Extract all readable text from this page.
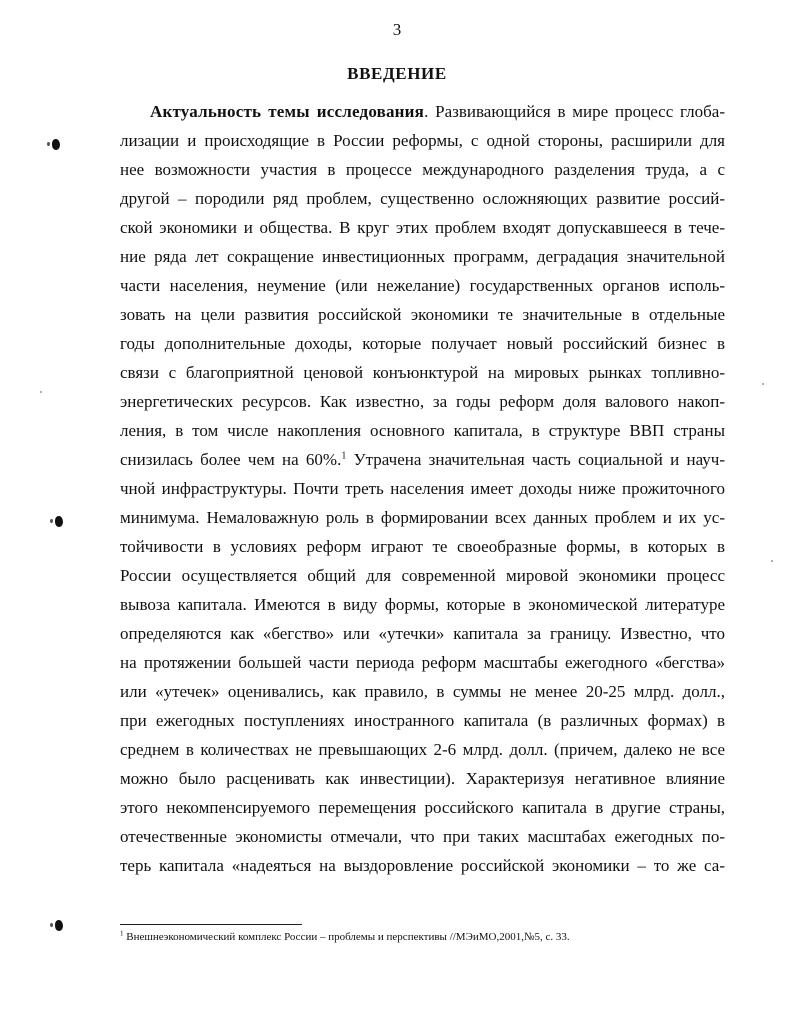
3
ВВЕДЕНИЕ
Актуальность темы исследования. Развивающийся в мире процесс глоба-
лизации и происходящие в России реформы, с одной стороны, расширили для
нее возможности участия в процессе международного разделения труда, а с
другой – породили ряд проблем, существенно осложняющих развитие россий-
ской экономики и общества. В круг этих проблем входят допускавшееся в тече-
ние ряда лет сокращение инвестиционных программ, деградация значительной
части населения, неумение (или нежелание) государственных органов исполь-
зовать на цели развития российской экономики те значительные в отдельные
годы дополнительные доходы, которые получает новый российский бизнес в
связи с благоприятной ценовой конъюнктурой на мировых рынках топливно-
энергетических ресурсов. Как известно, за годы реформ доля валового накоп-
ления, в том числе накопления основного капитала, в структуре ВВП страны
снизилась более чем на 60%.$^1$ Утрачена значительная часть социальной и науч-
чной инфраструктуры. Почти треть населения имеет доходы ниже прожиточного
минимума. Немаловажную роль в формировании всех данных проблем и их ус-
тойчивости в условиях реформ играют те своеобразные формы, в которых в
России осуществляется общий для современной мировой экономики процесс
вывоза капитала. Имеются в виду формы, которые в экономической литературе
определяются как «бегство» или «утечки» капитала за границу. Известно, что
на протяжении большей части периода реформ масштабы ежегодного «бегства»
или «утечек» оценивались, как правило, в суммы не менее 20-25 млрд. долл.,
при ежегодных поступлениях иностранного капитала (в различных формах) в
среднем в количествах не превышающих 2-6 млрд. долл. (причем, далеко не все
можно было расценивать как инвестиции). Характеризуя негативное влияние
этого некомпенсируемого перемещения российского капитала в другие страны,
отечественные экономисты отмечали, что при таких масштабах ежегодных по-
терь капитала «надеяться на выздоровление российской экономики – то же са-
$^1$ Внешнеэкономический комплекс России – проблемы и перспективы //МЭиМО,2001,№5, с. 33.
